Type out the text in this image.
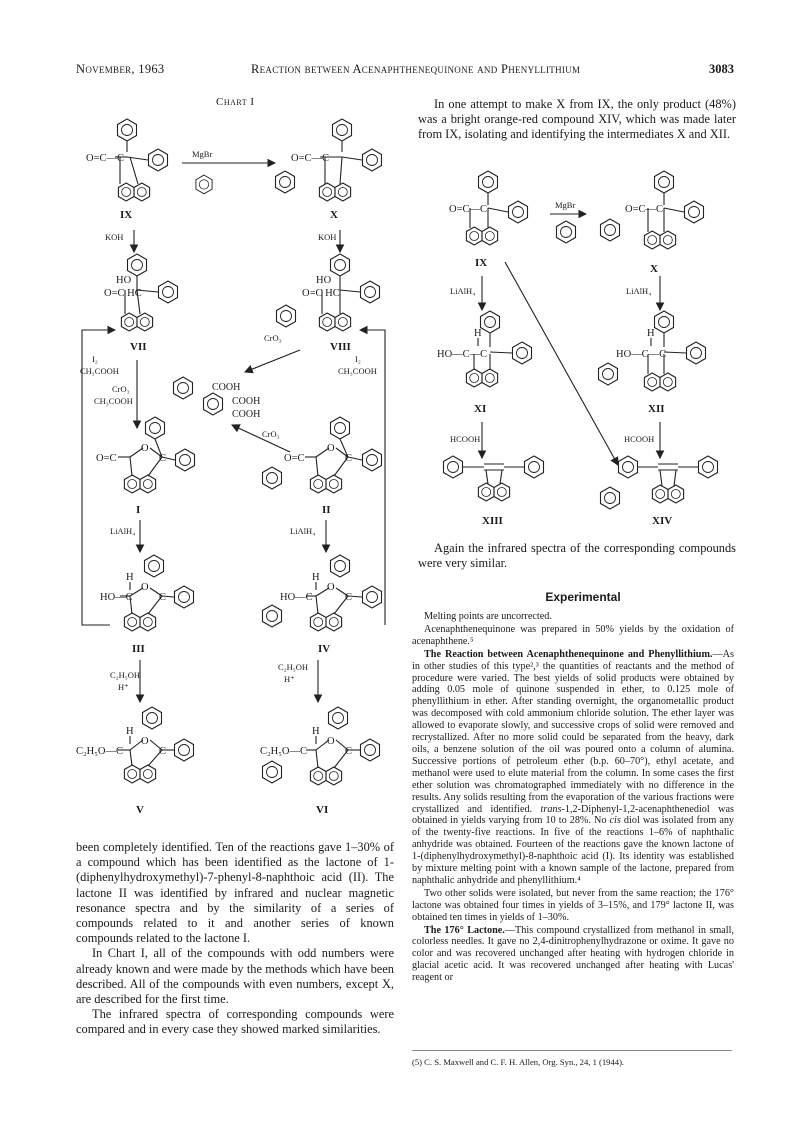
November, 1963	Reaction between Acenaphthenequinone and Phenyllithium	3083
Chart I
O=C—C	O=C—C
HO
O=C HC
HO
O=C HC
O=C
O
C	O=C
O
C
H
HO—C
O
C
H
HO—C
O
C
H
C₂H₅O—C
O
C
H
C₂H₅O—C
O
C
IX	X
VII	VIII
I	II
III	IV
V	VI
MgBr
KOH	KOH
I₂
CH₃COOH
I₂
CH₃COOH
CrO₃
CH₃COOH
CrO₃
CrO₃
LiAlH₄	LiAlH₄
C₂H₅OH
H⁺
C₂H₅OH
H⁺
COOH
COOH
COOH

In one attempt to make X from IX, the only product (48%) was a bright orange-red compound XIV, which was made later from IX, isolating and identifying the intermediates X and XII.

O=C—C	O=C—C
H
HO—C—C
H
HO—C—C
IX	X
XI	XII
XIII	XIV
MgBr
LiAlH₄	LiAlH₄
HCOOH	HCOOH

Again the infrared spectra of the corresponding compounds were very similar.

Experimental

Melting points are uncorrected.

Acenaphthenequinone was prepared in 50% yields by the oxidation of acenaphthene.⁵

The Reaction between Acenaphthenequinone and Phenyllithium.—As in other studies of this type²,³ the quantities of reactants and the method of procedure were varied. The best yields of solid products were obtained by adding 0.05 mole of quinone suspended in ether, to 0.125 mole of phenyllithium in ether. After standing overnight, the organometallic product was decomposed with cold ammonium chloride solution. The ether layer was allowed to evaporate slowly, and successive crops of solid were removed and recrystallized. After no more solid could be separated from the heavy, dark oils, a benzene solution of the oil was poured onto a column of alumina. Successive portions of petroleum ether (b.p. 60–70°), ethyl acetate, and methanol were used to elute material from the column. In some cases the first ether solution was chromatographed immediately with no difference in the results. Any solids resulting from the evaporation of the various fractions were crystallized and identified. trans-1,2-Diphenyl-1,2-acenaphthenediol was obtained in yields varying from 10 to 28%. No cis diol was isolated from any of the twenty-five reactions. In five of the reactions 1–6% of naphthalic anhydride was obtained. Fourteen of the reactions gave the known lactone of 1-(diphenylhydroxymethyl)-8-naphthoic acid (I). Its identity was established by mixture melting point with a known sample of the lactone, prepared from naphthalic anhydride and phenyllithium.⁴

Two other solids were isolated, but never from the same reaction; the 176° lactone was obtained four times in yields of 3–15%, and 179° lactone II, was obtained ten times in yields of 1–30%.

The 176° Lactone.—This compound crystallized from methanol in small, colorless needles. It gave no 2,4-dinitrophenylhydrazone or oxime. It gave no color and was recovered unchanged after heating with hydrogen chloride in glacial acetic acid. It was recovered unchanged after heating with Lucas' reagent or

(5) C. S. Maxwell and C. F. H. Allen, Org. Syn., 24, 1 (1944).

been completely identified. Ten of the reactions gave 1–30% of a compound which has been identified as the lactone of 1-(diphenylhydroxymethyl)-7-phenyl-8-naphthoic acid (II). The lactone II was identified by infrared and nuclear magnetic resonance spectra and by the similarity of a series of compounds related to it and another series of known compounds related to the lactone I.

In Chart I, all of the compounds with odd numbers were already known and were made by the methods which have been described. All of the compounds with even numbers, except X, are described for the first time.

The infrared spectra of corresponding compounds were compared and in every case they showed marked similarities.
